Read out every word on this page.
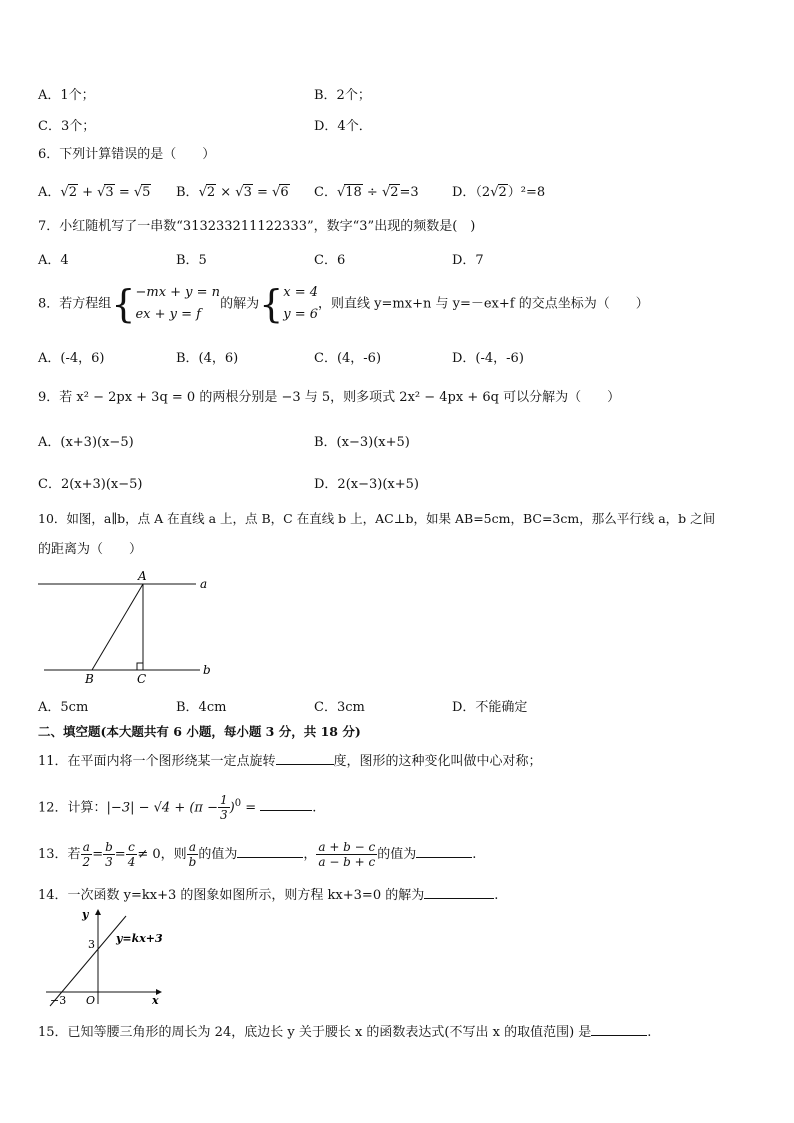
A．1个；	B．2个；
C．3个；	D．4个．
6．下列计算错误的是（　　）
A．√2 + √3 = √5 B．√2 × √3 = √6 C．√18 ÷ √2=3	D．（2√2）²=8
7．小红随机写了一串数“313233211122333”，数字“3”出现的频数是(　)
A．4	B．5	C．6	D．7
8．若方程组{ −mx + y = n
ex + y = f
的解为{ x = 4
y = 6
，则直线 y=mx+n 与 y=－ex+f 的交点坐标为（　　）
A．(-4，6)	B．(4，6)	C．(4，-6)	D．(-4，-6)
9．若 x² − 2px + 3q = 0 的两根分别是 −3 与 5，则多项式 2x² − 4px + 6q 可以分解为（　　）
A．(x+3)(x−5)	B．(x−3)(x+5)
C．2(x+3)(x−5)	D．2(x−3)(x+5)
10．如图，a∥b，点 A 在直线 a 上，点 B，C 在直线 b 上，AC⊥b，如果 AB=5cm，BC=3cm，那么平行线 a，b 之间
的距离为（　　）
A
a
b
B	C
A．5cm	B．4cm	C．3cm	D．不能确定
二、填空题(本大题共有 6 小题，每小题 3 分，共 18 分)
11．在平面内将一个图形绕某一定点旋转	度，图形的这种变化叫做中心对称；
12．计算：$|-3| - √4 + (\pi - \frac{1}{3} )^0$ =	.
13．若 $\frac{a}{2} = \frac{b}{3} = \frac{c}{4} \ne 0$，则 $\frac{a}{b}$ 的值为	， $\frac{a + b - c}{a - b + c}$ 的值为	.
14．一次函数 y=kx+3 的图象如图所示，则方程 kx+3=0 的解为	.
y
x
O
3
−3
y=kx+3
15．已知等腰三角形的周长为 24，底边长 y 关于腰长 x 的函数表达式(不写出 x 的取值范围) 是	.
